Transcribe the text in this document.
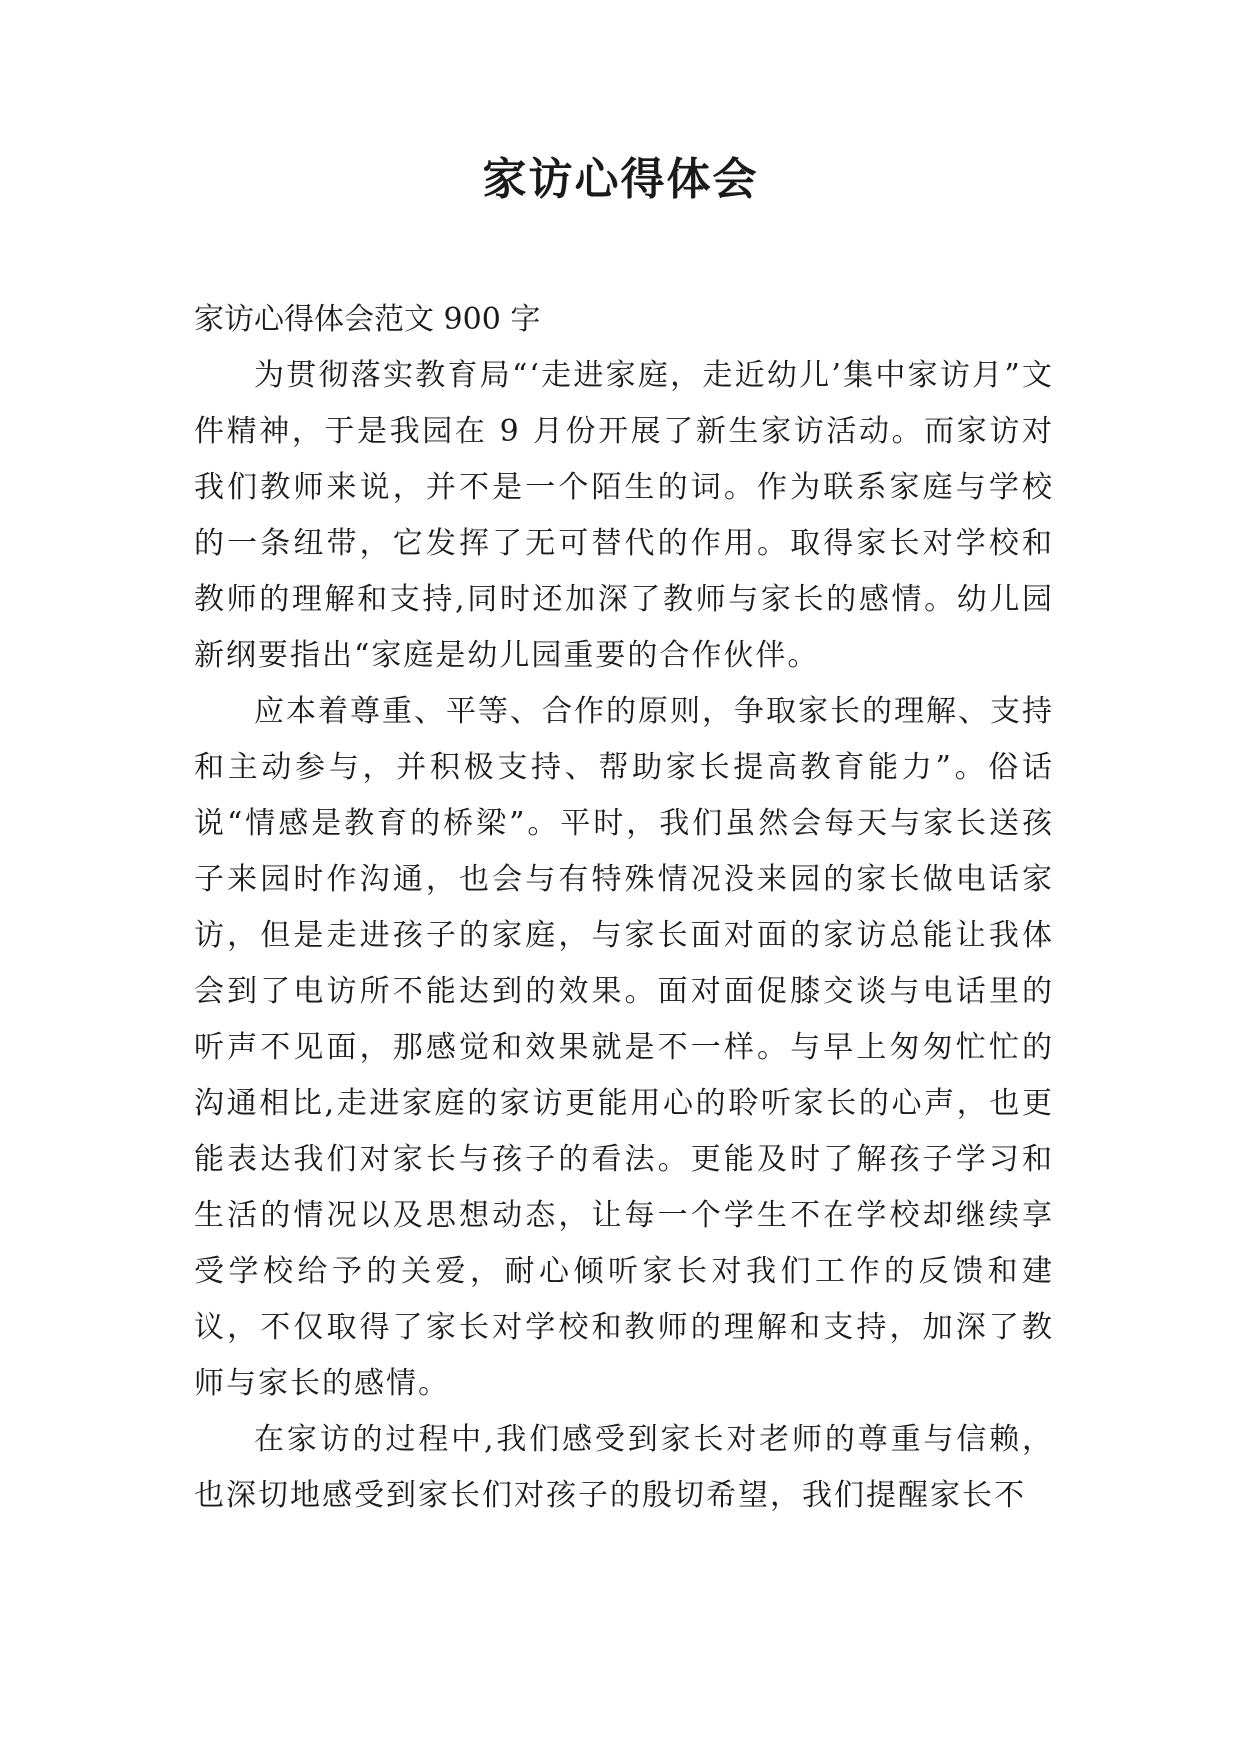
家访心得体会

家访心得体会范文 900 字

为贯彻落实教育局“‘走进家庭，走近幼儿’集中家访月”文件精神，于是我园在 9 月份开展了新生家访活动。而家访对我们教师来说，并不是一个陌生的词。作为联系家庭与学校的一条纽带，它发挥了无可替代的作用。取得家长对学校和教师的理解和支持,同时还加深了教师与家长的感情。幼儿园新纲要指出“家庭是幼儿园重要的合作伙伴。

应本着尊重、平等、合作的原则，争取家长的理解、支持和主动参与，并积极支持、帮助家长提高教育能力”。俗话说“情感是教育的桥梁”。平时，我们虽然会每天与家长送孩子来园时作沟通，也会与有特殊情况没来园的家长做电话家访，但是走进孩子的家庭，与家长面对面的家访总能让我体会到了电访所不能达到的效果。面对面促膝交谈与电话里的听声不见面，那感觉和效果就是不一样。与早上匆匆忙忙的沟通相比,走进家庭的家访更能用心的聆听家长的心声，也更能表达我们对家长与孩子的看法。更能及时了解孩子学习和生活的情况以及思想动态，让每一个学生不在学校却继续享受学校给予的关爱，耐心倾听家长对我们工作的反馈和建议，不仅取得了家长对学校和教师的理解和支持，加深了教师与家长的感情。

在家访的过程中,我们感受到家长对老师的尊重与信赖，也深切地感受到家长们对孩子的殷切希望，我们提醒家长不
